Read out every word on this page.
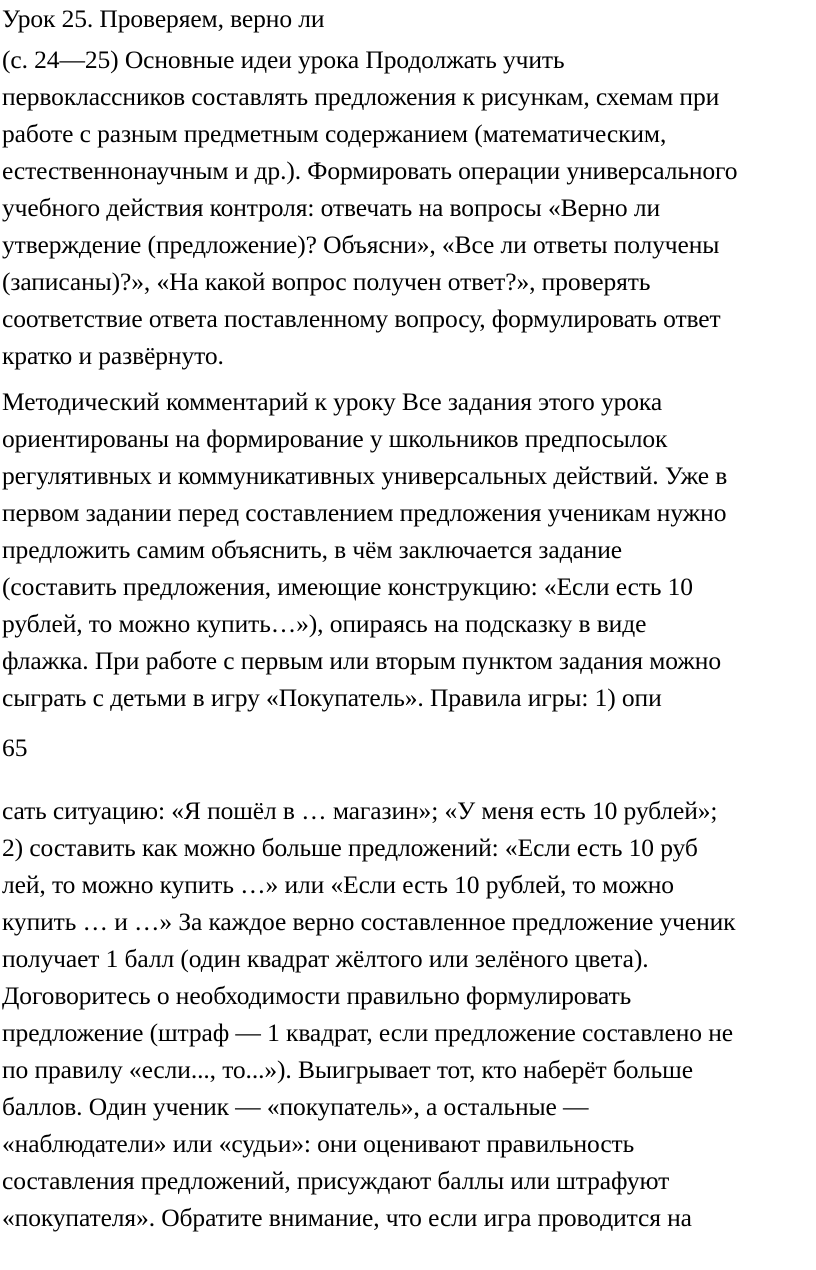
Урок 25. Проверяем, верно ли
(с. 24—25) Основные идеи урока Продолжать учить
первоклассников составлять предложения к рисункам, схемам при
работе с разным предметным содержанием (математическим,
естественнонаучным и др.). Формировать операции универсального
учебного действия контроля: отвечать на вопросы «Верно ли
утверждение (предложение)? Объясни», «Все ли ответы получены
(записаны)?», «На какой вопрос получен ответ?», проверять
соответствие ответа поставленному вопросу, формулировать ответ
кратко и развёрнуто.
Методический комментарий к уроку Все задания этого урока
ориентированы на формирование у школьников предпосылок
регулятивных и коммуникативных универсальных действий. Уже в
первом задании перед составлением предложения ученикам нужно
предложить самим объяснить, в чём заключается задание
(составить предложения, имеющие конструкцию: «Если есть 10
рублей, то можно купить…»), опираясь на подсказку в виде
флажка. При работе с первым или вторым пунктом задания можно
сыграть с детьми в игру «Покупатель». Правила игры: 1) опи
65
сать ситуацию: «Я пошёл в … магазин»; «У меня есть 10 рублей»;
2) составить как можно больше предложений: «Если есть 10 руб
лей, то можно купить …» или «Если есть 10 рублей, то можно
купить … и …» За каждое верно составленное предложение ученик
получает 1 балл (один квадрат жёлтого или зелёного цвета).
Договоритесь о необходимости правильно формулировать
предложение (штраф — 1 квадрат, если предложение составлено не
по правилу «если..., то...»). Выигрывает тот, кто наберёт больше
баллов. Один ученик — «покупатель», а остальные —
«наблюдатели» или «судьи»: они оценивают правильность
составления предложений, присуждают баллы или штрафуют
«покупателя». Обратите внимание, что если игра проводится на
